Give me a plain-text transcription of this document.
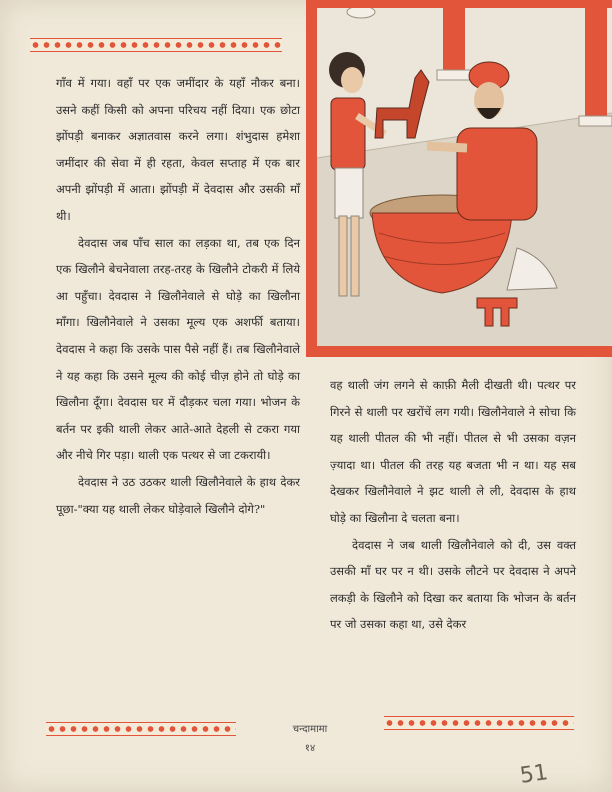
गाँव में गया। वहाँ पर एक जमींदार के यहाँ नौकर बना। उसने कहीं किसी को अपना परिचय नहीं दिया। एक छोटा झोंपड़ी बनाकर अज्ञातवास करने लगा। शंभुदास हमेशा जमींदार की सेवा में ही रहता, केवल सप्ताह में एक बार अपनी झोंपड़ी में आता। झोंपड़ी में देवदास और उसकी माँ थी।

देवदास जब पाँच साल का लड़का था, तब एक दिन एक खिलौने बेचनेवाला तरह-तरह के खिलौने टोकरी में लिये आ पहुँचा। देवदास ने खिलौनेवाले से घोड़े का खिलौना माँगा। खिलौनेवाले ने उसका मूल्य एक अशर्फी बताया। देवदास ने कहा कि उसके पास पैसे नहीं हैं। तब खिलौनेवाले ने यह कहा कि उसने मूल्य की कोई चीज़ होने तो घोड़े का खिलौना दूँगा। देवदास घर में दौड़कर चला गया। भोजन के बर्तन पर इकी थाली लेकर आते-आते देहली से टकरा गया और नीचे गिर पड़ा। थाली एक पत्थर से जा टकरायी।

देवदास ने उठ उठकर थाली खिलौनेवाले के हाथ देकर पूछा-"क्या यह थाली लेकर घोड़ेवाले खिलौने दोगे?"

वह थाली जंग लगने से काफ़ी मैली दीखती थी। पत्थर पर गिरने से थाली पर खरोंचें लग गयी। खिलौनेवाले ने सोचा कि यह थाली पीतल की भी नहीं। पीतल से भी उसका वज़न ज़्यादा था। पीतल की तरह यह बजता भी न था। यह सब देखकर खिलौनेवाले ने झट थाली ले ली, देवदास के हाथ घोड़े का खिलौना दे चलता बना।

देवदास ने जब थाली खिलौनेवाले को दी, उस वक्त उसकी माँ घर पर न थी। उसके लौटने पर देवदास ने अपने लकड़ी के खिलौने को दिखा कर बताया कि भोजन के बर्तन पर जो उसका कहा था, उसे देकर

चन्दामामा
१४
51
